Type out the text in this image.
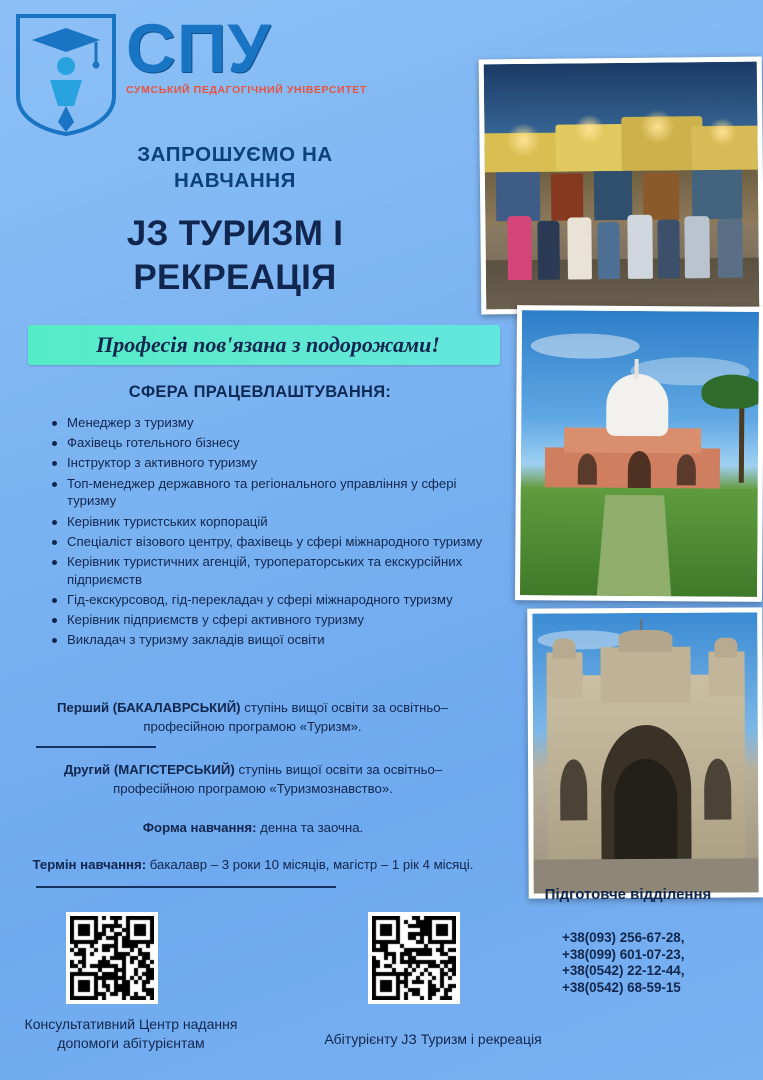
СПУ
СУМСЬКИЙ ПЕДАГОГІЧНИЙ УНІВЕРСИТЕТ
ЗАПРОШУЄМО НА
НАВЧАННЯ
ЈЗ ТУРИЗМ І
РЕКРЕАЦІЯ
Професія пов'язана з подорожами!
СФЕРА ПРАЦЕВЛАШТУВАННЯ:
Менеджер з туризму
Фахівець готельного бізнесу
Інструктор з активного туризму
Топ-менеджер державного та регіонального управління у сфері туризму
Керівник туристських корпорацій
Спеціаліст візового центру, фахівець у сфері міжнародного туризму
Керівник туристичних агенцій, туроператорських та екскурсійних підприємств
Гід-екскурсовод, гід-перекладач у сфері міжнародного туризму
Керівник підприємств у сфері активного туризму
Викладач з туризму закладів вищої освіти
Перший (БАКАЛАВРСЬКИЙ) ступінь вищої освіти за освітньо–професійною програмою «Туризм».
Другий (МАГІСТЕРСЬКИЙ) ступінь вищої освіти за освітньо–професійною програмою «Туризмознавство».
Форма навчання: денна та заочна.
Термін навчання: бакалавр – 3 роки 10 місяців, магістр – 1 рік 4 місяці.
Консультативний Центр надання допомоги абітурієнтам	Абітурієнту ЈЗ Туризм і рекреація
Підготовче відділення
+38(093) 256-67-28,
+38(099) 601-07-23,
+38(0542) 22-12-44,
+38(0542) 68-59-15
